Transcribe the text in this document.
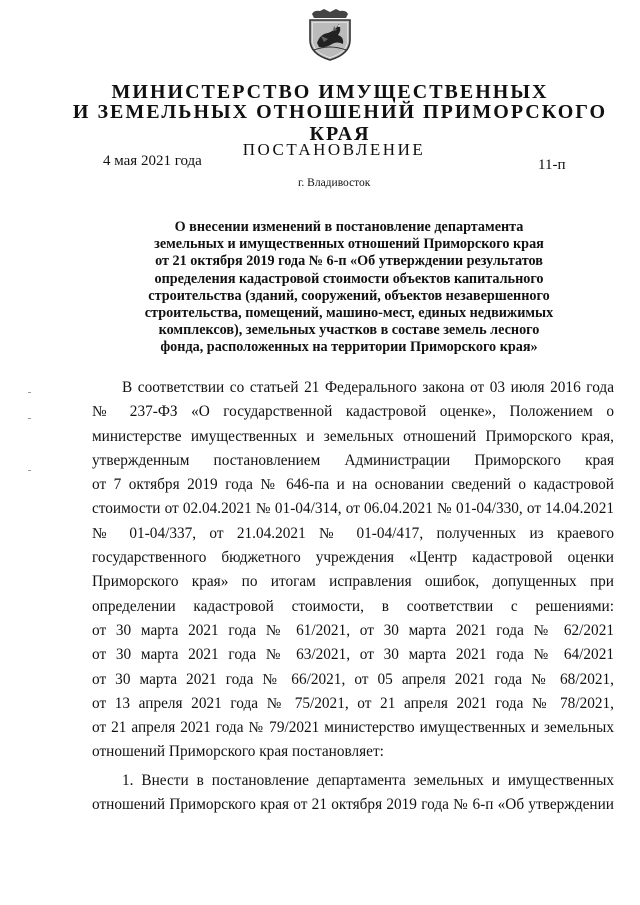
МИНИСТЕРСТВО ИМУЩЕСТВЕННЫХ
И ЗЕМЕЛЬНЫХ ОТНОШЕНИЙ ПРИМОРСКОГО КРАЯ
ПОСТАНОВЛЕНИЕ
4 мая 2021 года	11-п
г. Владивосток
О внесении изменений в постановление департамента
земельных и имущественных отношений Приморского края
от 21 октября 2019 года № 6-п «Об утверждении результатов
определения кадастровой стоимости объектов капитального
строительства (зданий, сооружений, объектов незавершенного
строительства, помещений, машино-мест, единых недвижимых
комплексов), земельных участков в составе земель лесного
фонда, расположенных на территории Приморского края»
В соответствии со статьей 21 Федерального закона от 03 июля 2016 года
№ 237-ФЗ «О государственной кадастровой оценке», Положением о
министерстве имущественных и земельных отношений Приморского края,
утвержденным постановлением Администрации Приморского края
от 7 октября 2019 года № 646-па и на основании сведений о кадастровой
стоимости от 02.04.2021 № 01-04/314, от 06.04.2021 № 01-04/330, от 14.04.2021
№ 01-04/337, от 21.04.2021 № 01-04/417, полученных из краевого
государственного бюджетного учреждения «Центр кадастровой оценки
Приморского края» по итогам исправления ошибок, допущенных при
определении кадастровой стоимости, в соответствии с решениями:
от 30 марта 2021 года № 61/2021, от 30 марта 2021 года № 62/2021
от 30 марта 2021 года № 63/2021, от 30 марта 2021 года № 64/2021
от 30 марта 2021 года № 66/2021, от 05 апреля 2021 года № 68/2021,
от 13 апреля 2021 года № 75/2021, от 21 апреля 2021 года № 78/2021,
от 21 апреля 2021 года № 79/2021 министерство имущественных и земельных
отношений Приморского края постановляет:
1. Внести в постановление департамента земельных и имущественных
отношений Приморского края от 21 октября 2019 года № 6-п «Об утверждении
